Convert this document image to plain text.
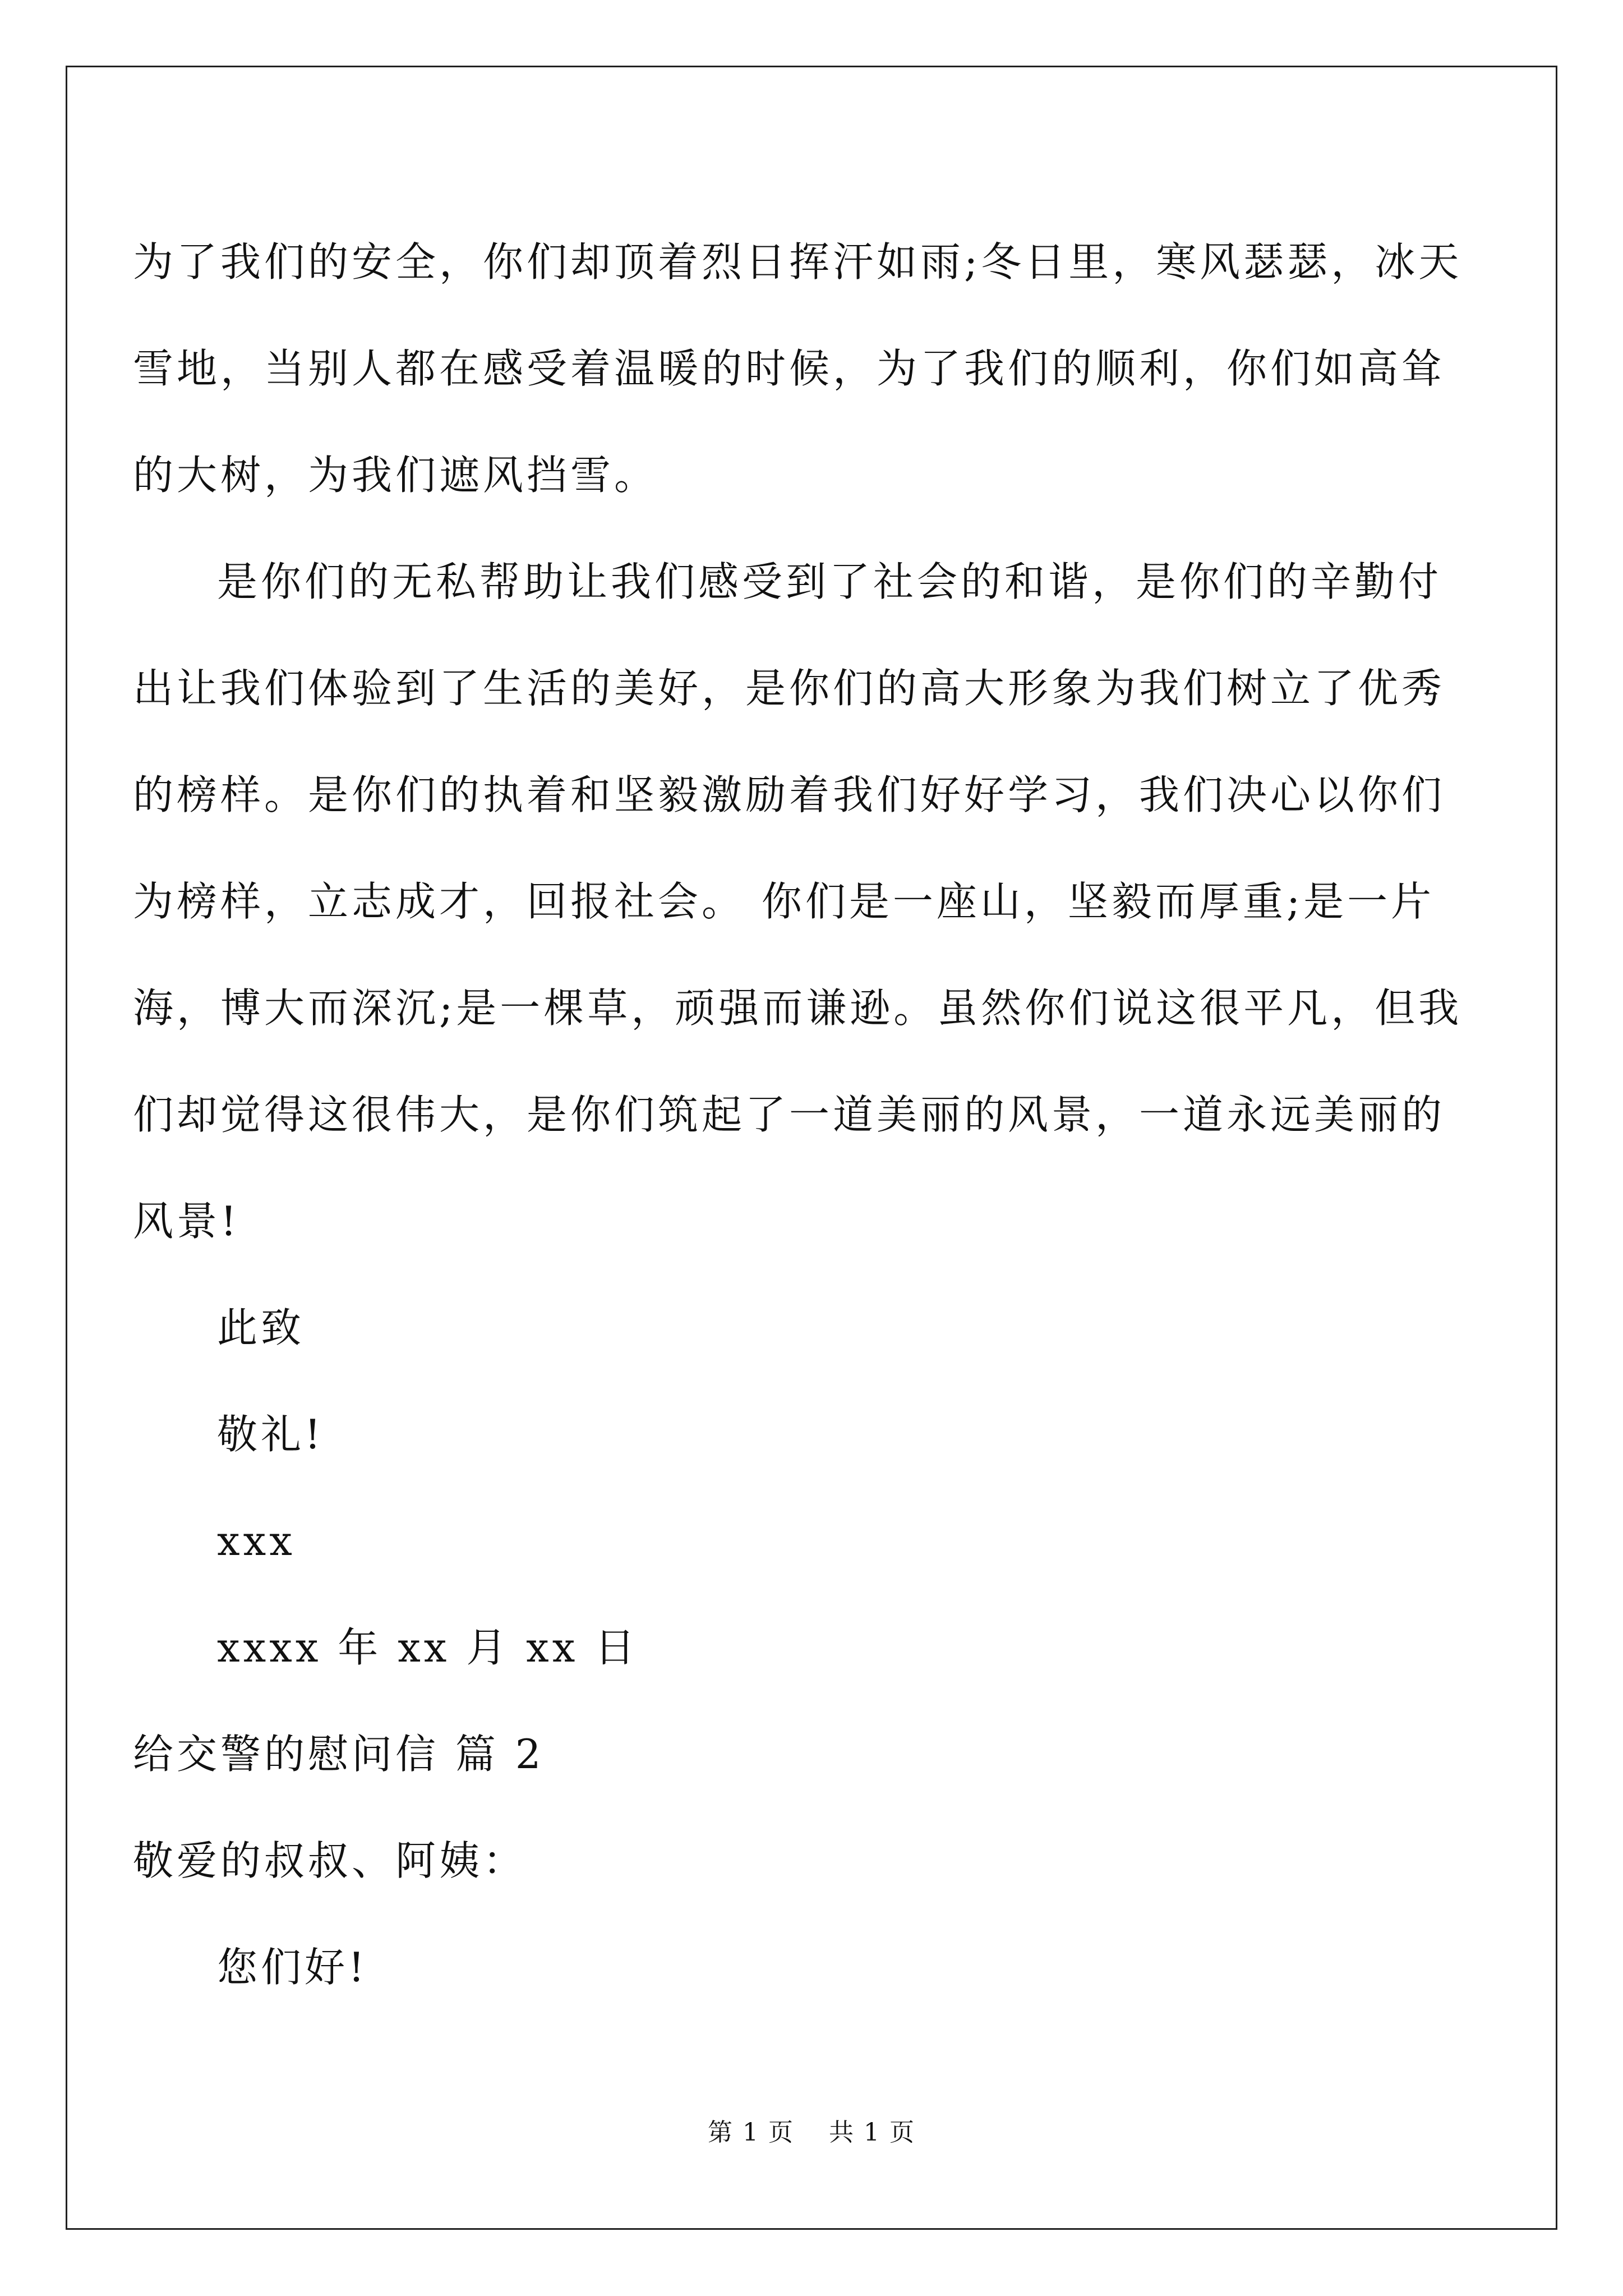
为了我们的安全，你们却顶着烈日挥汗如雨;冬日里，寒风瑟瑟，冰天

雪地，当别人都在感受着温暖的时候，为了我们的顺利，你们如高耸

的大树，为我们遮风挡雪。

是你们的无私帮助让我们感受到了社会的和谐，是你们的辛勤付

出让我们体验到了生活的美好，是你们的高大形象为我们树立了优秀

的榜样。是你们的执着和坚毅激励着我们好好学习，我们决心以你们

为榜样，立志成才，回报社会。 你们是一座山，坚毅而厚重;是一片

海，博大而深沉;是一棵草，顽强而谦逊。虽然你们说这很平凡，但我

们却觉得这很伟大，是你们筑起了一道美丽的风景，一道永远美丽的

风景!

此致

敬礼!

xxx

xxxx 年 xx 月 xx 日

给交警的慰问信 篇 2

敬爱的叔叔、阿姨：

您们好!

第 1 页　 共 1 页
